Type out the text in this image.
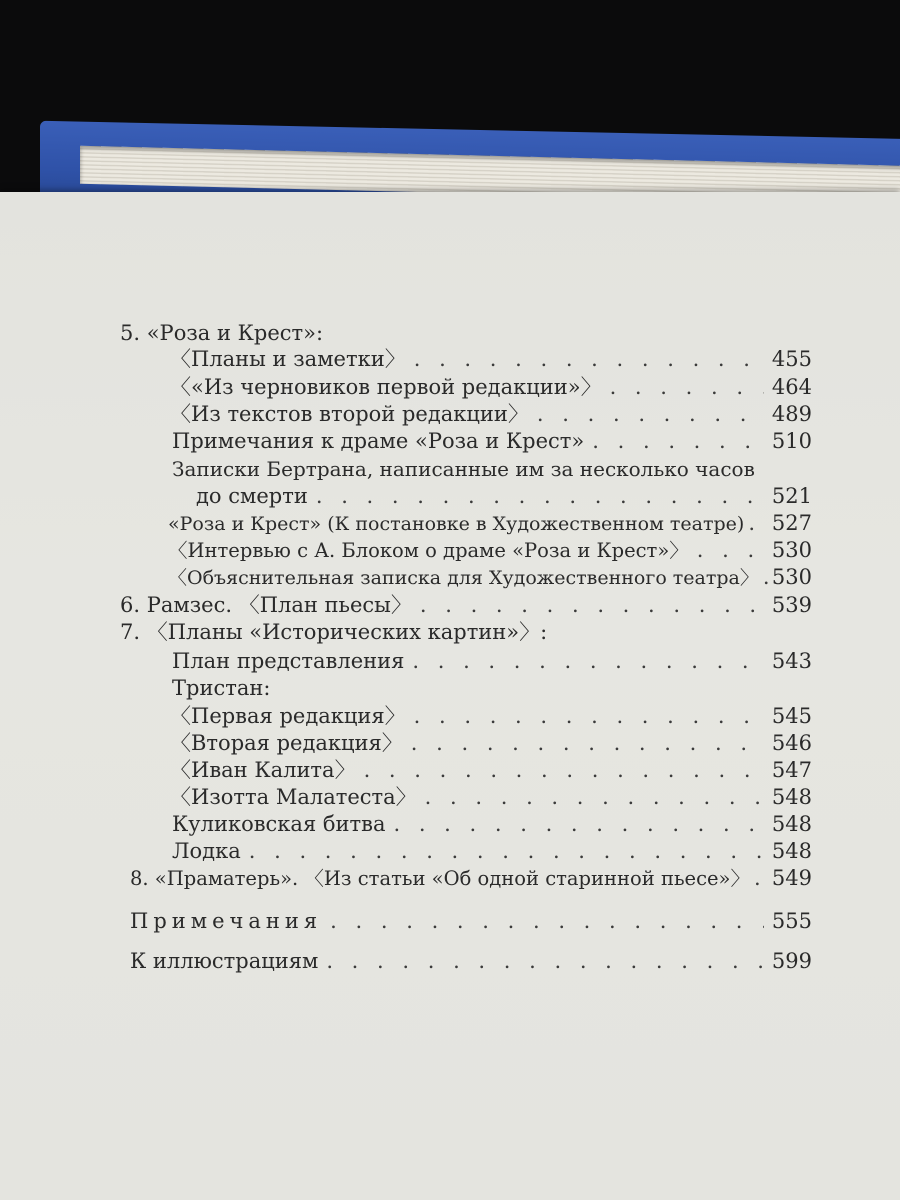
5. «Роза и Крест»:
〈Планы и заметки〉 . . .	455
〈«Из черновиков первой редакции»〉 . . .	464
〈Из текстов второй редакции〉 . . .	489
Примечания к драме «Роза и Крест» . . .	510
Записки Бертрана, написанные им за несколько часов
до смерти . . .	521
«Роза и Крест» (К постановке в Художественном театре) . . . 527
〈Интервью с А. Блоком о драме «Роза и Крест»〉 . . .	530
〈Объяснительная записка для Художественного театра〉 . . . 530
6. Рамзес. 〈План пьесы〉 . . .	539
7. 〈Планы «Исторических картин»〉:
План представления . . .	543
Тристан:
〈Первая редакция〉 . . .	545
〈Вторая редакция〉 . . .	546
〈Иван Калита〉 . . .	547
〈Изотта Малатеста〉 . . .	548
Куликовская битва . . .	548
Лодка . . .	548
8. «Праматерь». 〈Из статьи «Об одной старинной пьесе»〉 . . . 549
Примечания . . .	555
К иллюстрациям . . .	599
